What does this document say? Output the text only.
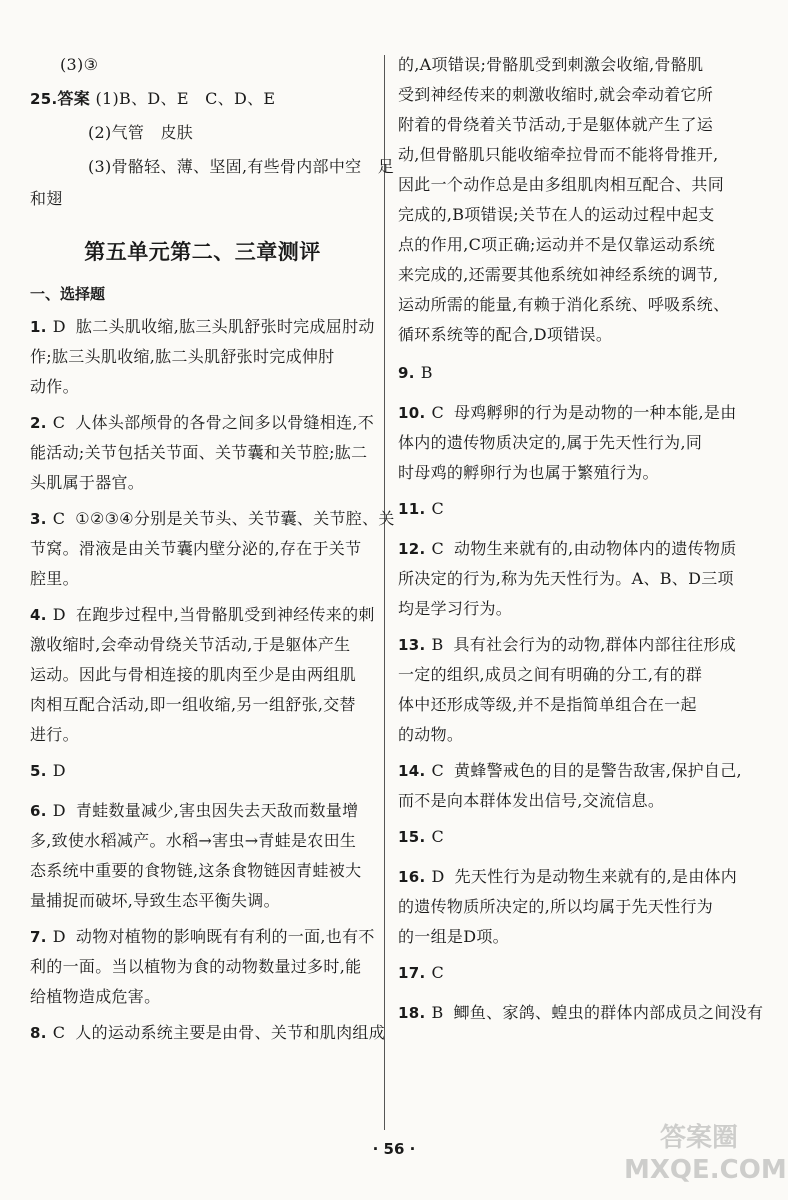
(3)③
25.答案 (1)B、D、E　C、D、E
(2)气管　皮肤
(3)骨骼轻、薄、坚固,有些骨内部中空　足
和翅
第五单元第二、三章测评
一、选择题
1. D 肱二头肌收缩,肱三头肌舒张时完成屈肘动
作;肱三头肌收缩,肱二头肌舒张时完成伸肘
动作。
2. C 人体头部颅骨的各骨之间多以骨缝相连,不
能活动;关节包括关节面、关节囊和关节腔;肱二
头肌属于器官。
3. C ①②③④分别是关节头、关节囊、关节腔、关
节窝。滑液是由关节囊内壁分泌的,存在于关节
腔里。
4. D 在跑步过程中,当骨骼肌受到神经传来的刺
激收缩时,会牵动骨绕关节活动,于是躯体产生
运动。因此与骨相连接的肌肉至少是由两组肌
肉相互配合活动,即一组收缩,另一组舒张,交替
进行。
5. D
6. D 青蛙数量减少,害虫因失去天敌而数量增
多,致使水稻减产。水稻→害虫→青蛙是农田生
态系统中重要的食物链,这条食物链因青蛙被大
量捕捉而破坏,导致生态平衡失调。
7. D 动物对植物的影响既有有利的一面,也有不
利的一面。当以植物为食的动物数量过多时,能
给植物造成危害。
8. C 人的运动系统主要是由骨、关节和肌肉组成
的,A项错误;骨骼肌受到刺激会收缩,骨骼肌
受到神经传来的刺激收缩时,就会牵动着它所
附着的骨绕着关节活动,于是躯体就产生了运
动,但骨骼肌只能收缩牵拉骨而不能将骨推开,
因此一个动作总是由多组肌肉相互配合、共同
完成的,B项错误;关节在人的运动过程中起支
点的作用,C项正确;运动并不是仅靠运动系统
来完成的,还需要其他系统如神经系统的调节,
运动所需的能量,有赖于消化系统、呼吸系统、
循环系统等的配合,D项错误。
9. B
10. C 母鸡孵卵的行为是动物的一种本能,是由
体内的遗传物质决定的,属于先天性行为,同
时母鸡的孵卵行为也属于繁殖行为。
11. C
12. C 动物生来就有的,由动物体内的遗传物质
所决定的行为,称为先天性行为。A、B、D三项
均是学习行为。
13. B 具有社会行为的动物,群体内部往往形成
一定的组织,成员之间有明确的分工,有的群
体中还形成等级,并不是指简单组合在一起
的动物。
14. C 黄蜂警戒色的目的是警告敌害,保护自己,
而不是向本群体发出信号,交流信息。
15. C
16. D 先天性行为是动物生来就有的,是由体内
的遗传物质所决定的,所以均属于先天性行为
的一组是D项。
17. C
18. B 鲫鱼、家鸽、蝗虫的群体内部成员之间没有
· 56 ·	答案圈
MXQE.COM
